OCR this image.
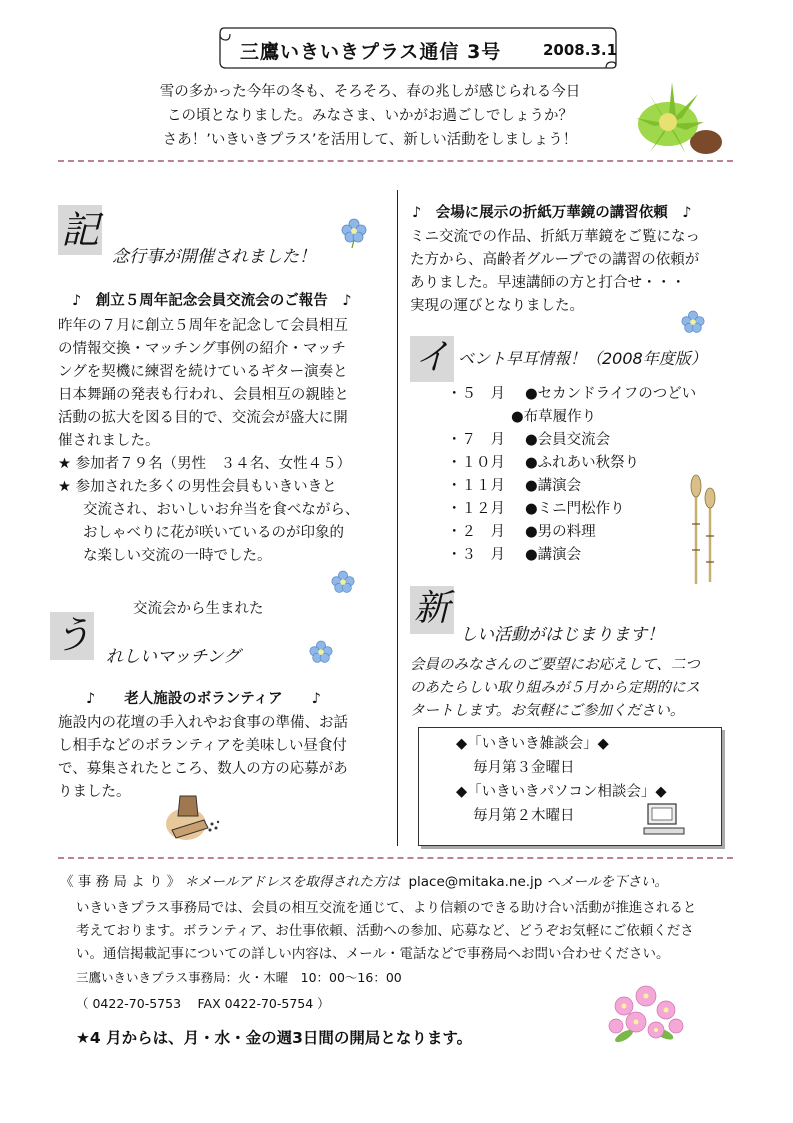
三鷹いきいきプラス通信 3号	2008.3.1
雪の多かった今年の冬も、そろそろ、春の兆しが感じられる今日
この頃となりました。みなさま、いかがお過ごしでしょうか？
さあ！’いきいきプラス’を活用して、新しい活動をしましょう！
記
念行事が開催されました！
♪　創立５周年記念会員交流会のご報告　♪
昨年の７月に創立５周年を記念して会員相互
の情報交換・マッチング事例の紹介・マッチ
ングを契機に練習を続けているギター演奏と
日本舞踊の発表も行われ、会員相互の親睦と
活動の拡大を図る目的で、交流会が盛大に開
催されました。
★ 参加者７９名（男性　３４名、女性４５）
★ 参加された多くの男性会員もいきいきと
交流され、おいしいお弁当を食べながら、
おしゃべりに花が咲いているのが印象的
な楽しい交流の一時でした。
交流会から生まれた
う れしいマッチング
♪　　老人施設のボランティア　　♪
施設内の花壇の手入れやお食事の準備、お話
し相手などのボランティアを美味しい昼食付
で、募集されたところ、数人の方の応募があ
りました。
♪　会場に展示の折紙万華鏡の講習依頼　♪
ミニ交流での作品、折紙万華鏡をご覧になっ
た方から、高齢者グループでの講習の依頼が
ありました。早速講師の方と打合せ・・・
実現の運びとなりました。
イ ベント早耳情報！（2008年度版）
・５　月 ●セカンドライフのつどい
●布草履作り
・７　月 ●会員交流会
・１０月 ●ふれあい秋祭り
・１１月 ●講演会
・１２月 ●ミニ門松作り
・２　月 ●男の料理
・３　月 ●講演会
新
しい活動がはじまります！
会員のみなさんのご要望にお応えして、二つ
のあたらしい取り組みが５月から定期的にス
タートします。お気軽にご参加ください。
◆「いきいき雑談会」◆
毎月第３金曜日
◆「いきいきパソコン相談会」◆
毎月第２木曜日
《 事 務 局 よ り 》 ＊メールアドレスを取得された方は place@mitaka.ne.jp へメールを下さい。
いきいきプラス事務局では、会員の相互交流を通じて、より信頼のできる助け合い活動が推進されると
考えております。ボランティア、お仕事依頼、活動への参加、応募など、どうぞお気軽にご依頼くださ
い。通信掲載記事についての詳しい内容は、メール・電話などで事務局へお問い合わせください。
三鷹いきいきプラス事務局：火・木曜　10：00～16：00
（ 0422-70-5753　 FAX 0422-70-5754 ）
★4 月からは、月・水・金の週3日間の開局となります。
